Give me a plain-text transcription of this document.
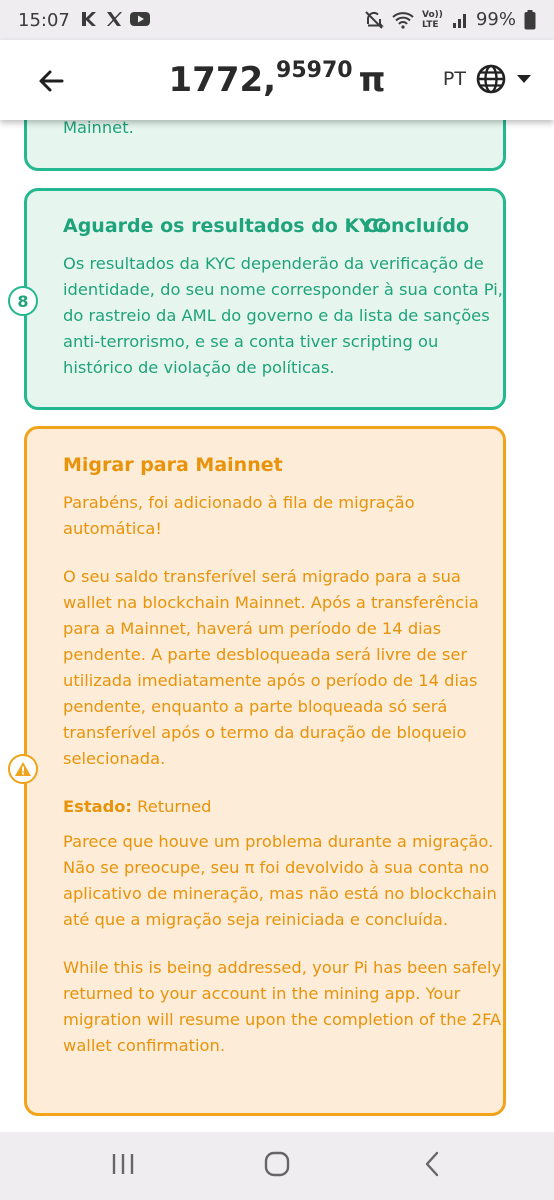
15:07	Vo)) LTE	99%
1772,95970 π	PT

Mainnet.

Aguarde os resultados do KYC
Concluído

Os resultados da KYC dependerão da verificação de identidade, do seu nome corresponder à sua conta Pi, do rastreio da AML do governo e da lista de sanções anti-terrorismo, e se a conta tiver scripting ou histórico de violação de políticas.

8
Migrar para Mainnet

Parabéns, foi adicionado à fila de migração automática!

O seu saldo transferível será migrado para a sua wallet na blockchain Mainnet. Após a transferência para a Mainnet, haverá um período de 14 dias pendente. A parte desbloqueada será livre de ser utilizada imediatamente após o período de 14 dias pendente, enquanto a parte bloqueada só será transferível após o termo da duração de bloqueio selecionada.

Estado: Returned

Parece que houve um problema durante a migração. Não se preocupe, seu π foi devolvido à sua conta no aplicativo de mineração, mas não está no blockchain até que a migração seja reiniciada e concluída.

While this is being addressed, your Pi has been safely returned to your account in the mining app. Your migration will resume upon the completion of the 2FA wallet confirmation.
